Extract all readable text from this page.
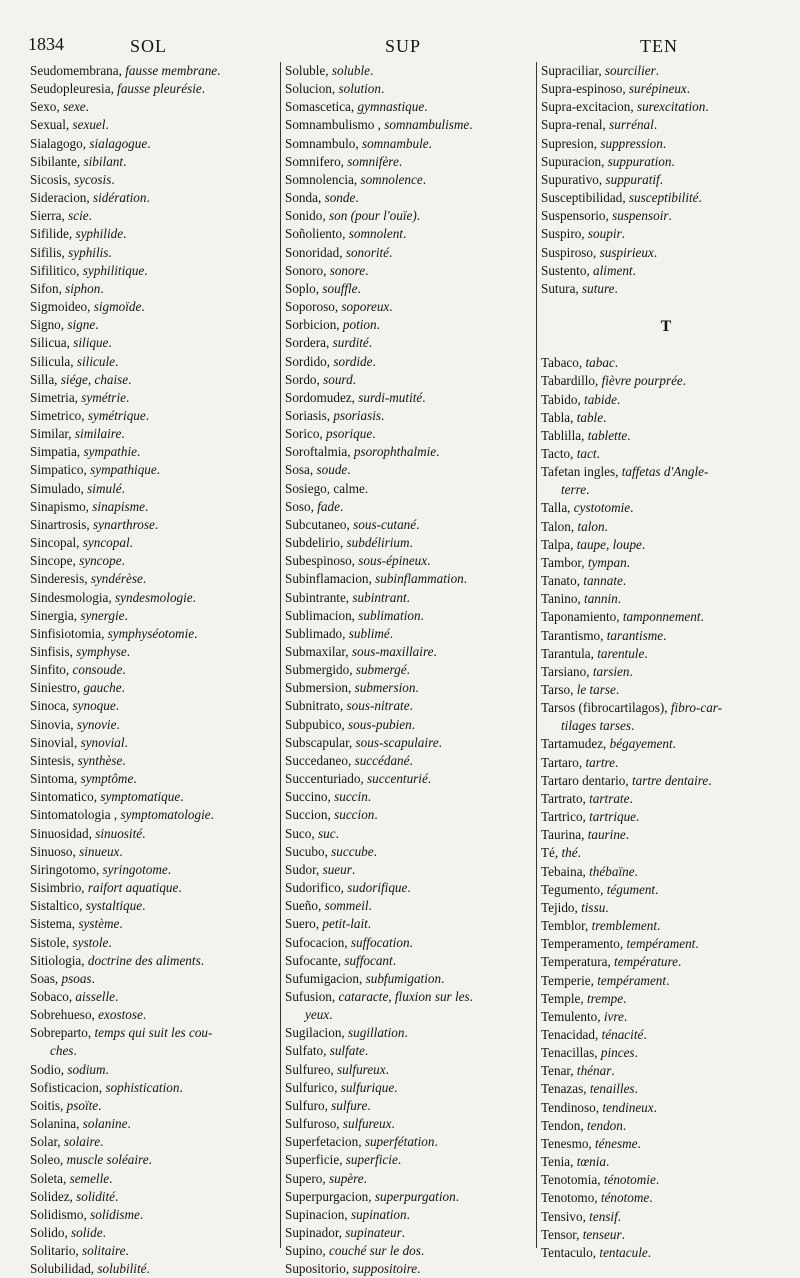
1834	SOL	SUP	TEN
Seudomembrana, fausse membrane.
Seudopleuresia, fausse pleurésie.
Sexo, sexe.
Sexual, sexuel.
Sialagogo, sialagogue.
Sibilante, sibilant.
Sicosis, sycosis.
Sideracion, sidération.
Sierra, scie.
Sifilide, syphilide.
Sifilis, syphilis.
Sifilitico, syphilitique.
Sifon, siphon.
Sigmoideo, sigmoïde.
Signo, signe.
Silicua, silique.
Silicula, silicule.
Silla, siége, chaise.
Simetria, symétrie.
Simetrico, symétrique.
Similar, similaire.
Simpatia, sympathie.
Simpatico, sympathique.
Simulado, simulé.
Sinapismo, sinapisme.
Sinartrosis, synarthrose.
Sincopal, syncopal.
Sincope, syncope.
Sinderesis, syndérèse.
Sindesmologia, syndesmologie.
Sinergia, synergie.
Sinfisiotomia, symphyséotomie.
Sinfisis, symphyse.
Sinfito, consoude.
Siniestro, gauche.
Sinoca, synoque.
Sinovia, synovie.
Sinovial, synovial.
Sintesis, synthèse.
Sintoma, symptôme.
Sintomatico, symptomatique.
Sintomatologia , symptomatologie.
Sinuosidad, sinuosité.
Sinuoso, sinueux.
Siringotomo, syringotome.
Sisimbrio, raifort aquatique.
Sistaltico, systaltique.
Sistema, système.
Sistole, systole.
Sitiologia, doctrine des aliments.
Soas, psoas.
Sobaco, aisselle.
Sobrehueso, exostose.
Sobreparto, temps qui suit les cou-
ches.
Sodio, sodium.
Sofisticacion, sophistication.
Soitis, psoïte.
Solanina, solanine.
Solar, solaire.
Soleo, muscle soléaire.
Soleta, semelle.
Solidez, solidité.
Solidismo, solidisme.
Solido, solide.
Solitario, solitaire.
Solubilidad, solubilité.
Soluble, soluble.
Solucion, solution.
Somascetica, gymnastique.
Somnambulismo , somnambulisme.
Somnambulo, somnambule.
Somnifero, somnifère.
Somnolencia, somnolence.
Sonda, sonde.
Sonido, son (pour l'ouïe).
Soñoliento, somnolent.
Sonoridad, sonorité.
Sonoro, sonore.
Soplo, souffle.
Soporoso, soporeux.
Sorbicion, potion.
Sordera, surdité.
Sordido, sordide.
Sordo, sourd.
Sordomudez, surdi-mutité.
Soriasis, psoriasis.
Sorico, psorique.
Soroftalmia, psorophthalmie.
Sosa, soude.
Sosiego, calme.
Soso, fade.
Subcutaneo, sous-cutané.
Subdelirio, subdélirium.
Subespinoso, sous-épineux.
Subinflamacion, subinflammation.
Subintrante, subintrant.
Sublimacion, sublimation.
Sublimado, sublimé.
Submaxilar, sous-maxillaire.
Submergido, submergé.
Submersion, submersion.
Subnitrato, sous-nitrate.
Subpubico, sous-pubien.
Subscapular, sous-scapulaire.
Succedaneo, succédané.
Succenturiado, succenturié.
Succino, succin.
Succion, succion.
Suco, suc.
Sucubo, succube.
Sudor, sueur.
Sudorifico, sudorifique.
Sueño, sommeil.
Suero, petit-lait.
Sufocacion, suffocation.
Sufocante, suffocant.
Sufumigacion, subfumigation.
Sufusion, cataracte, fluxion sur les.
yeux.
Sugilacion, sugillation.
Sulfato, sulfate.
Sulfureo, sulfureux.
Sulfurico, sulfurique.
Sulfuro, sulfure.
Sulfuroso, sulfureux.
Superfetacion, superfétation.
Superficie, superficie.
Supero, supère.
Superpurgacion, superpurgation.
Supinacion, supination.
Supinador, supinateur.
Supino, couché sur le dos.
Supositorio, suppositoire.
Supraciliar, sourcilier.
Supra-espinoso, surépineux.
Supra-excitacion, surexcitation.
Supra-renal, surrénal.
Supresion, suppression.
Supuracion, suppuration.
Supurativo, suppuratif.
Susceptibilidad, susceptibilité.
Suspensorio, suspensoir.
Suspiro, soupir.
Suspiroso, suspirieux.
Sustento, aliment.
Sutura, suture.
T
Tabaco, tabac.
Tabardillo, fièvre pourprée.
Tabido, tabide.
Tabla, table.
Tablilla, tablette.
Tacto, tact.
Tafetan ingles, taffetas d'Angle-
terre.
Talla, cystotomie.
Talon, talon.
Talpa, taupe, loupe.
Tambor, tympan.
Tanato, tannate.
Tanino, tannin.
Taponamiento, tamponnement.
Tarantismo, tarantisme.
Tarantula, tarentule.
Tarsiano, tarsien.
Tarso, le tarse.
Tarsos (fibrocartilagos), fibro-car-
tilages tarses.
Tartamudez, bégayement.
Tartaro, tartre.
Tartaro dentario, tartre dentaire.
Tartrato, tartrate.
Tartrico, tartrique.
Taurina, taurine.
Té, thé.
Tebaina, thébaïne.
Tegumento, tégument.
Tejido, tissu.
Temblor, tremblement.
Temperamento, tempérament.
Temperatura, température.
Temperie, tempérament.
Temple, trempe.
Temulento, ivre.
Tenacidad, ténacité.
Tenacillas, pinces.
Tenar, thénar.
Tenazas, tenailles.
Tendinoso, tendineux.
Tendon, tendon.
Tenesmo, ténesme.
Tenia, tœnia.
Tenotomia, ténotomie.
Tenotomo, ténotome.
Tensivo, tensif.
Tensor, tenseur.
Tentaculo, tentacule.
